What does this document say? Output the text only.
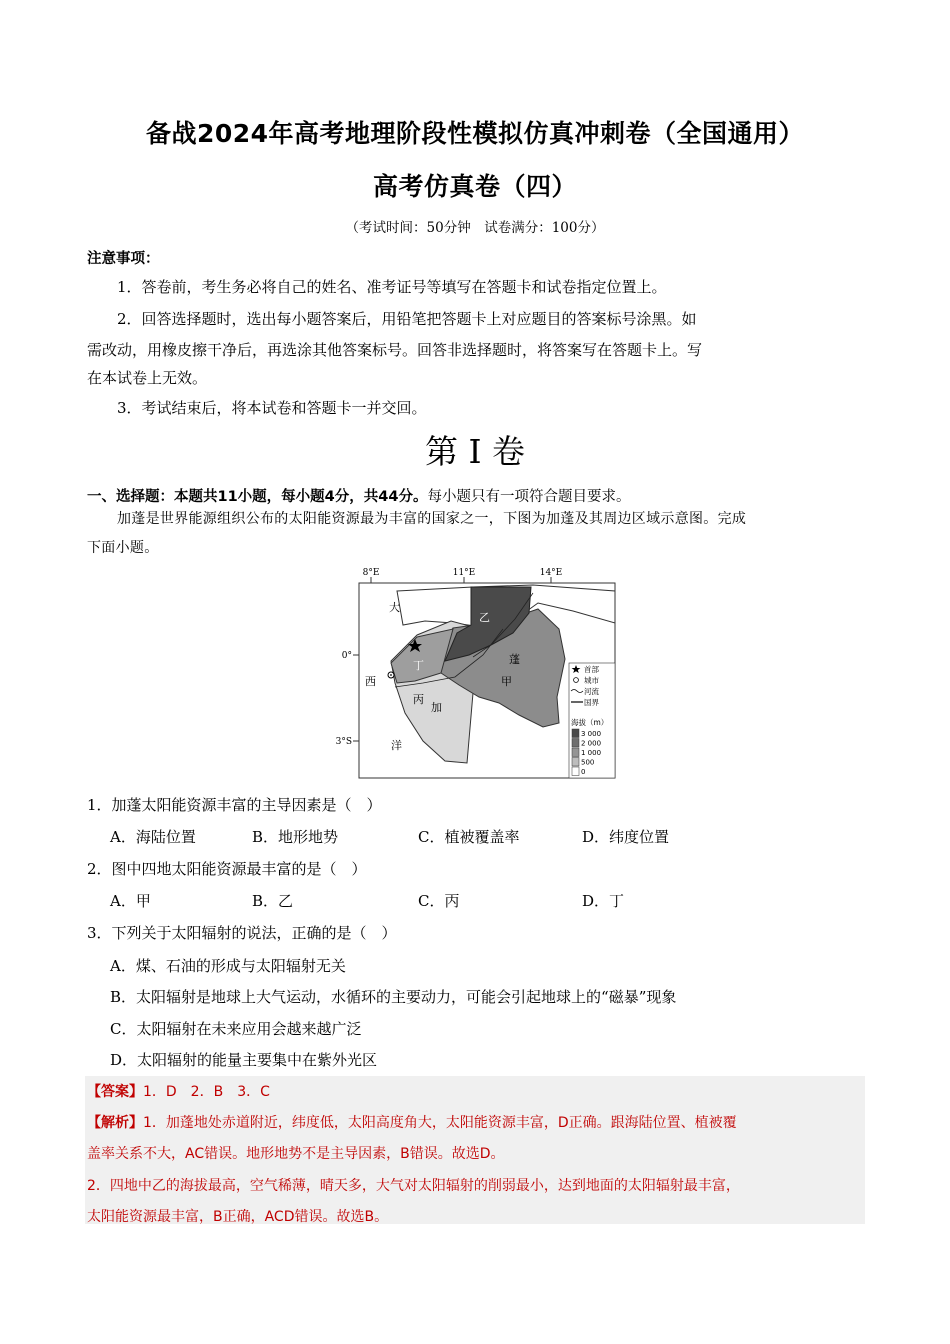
备战2024年高考地理阶段性模拟仿真冲刺卷（全国通用）
高考仿真卷（四）
（考试时间：50分钟　试卷满分：100分）
注意事项：
1．答卷前，考生务必将自己的姓名、准考证号等填写在答题卡和试卷指定位置上。
2．回答选择题时，选出每小题答案后，用铅笔把答题卡上对应题目的答案标号涂黑。如
需改动，用橡皮擦干净后，再选涂其他答案标号。回答非选择题时，将答案写在答题卡上。写
在本试卷上无效。
3．考试结束后，将本试卷和答题卡一并交回。
第 I 卷
一、选择题：本题共11小题，每小题4分，共44分。每小题只有一项符合题目要求。
加蓬是世界能源组织公布的太阳能资源最为丰富的国家之一，下图为加蓬及其周边区域示意图。完成
下面小题。
8°E	11°E	14°E
0°
3°S
大
西
洋
乙
丁	蓬
甲
丙
加
首部
城市
河流
国界
海拔（m）
3 000
2 000
1 000
500
0
1．加蓬太阳能资源丰富的主导因素是（　）
A．海陆位置	B．地形地势	C．植被覆盖率	D．纬度位置
2．图中四地太阳能资源最丰富的是（　）
A．甲	B．乙	C．丙	D．丁
3．下列关于太阳辐射的说法，正确的是（　）
A．煤、石油的形成与太阳辐射无关
B．太阳辐射是地球上大气运动，水循环的主要动力，可能会引起地球上的“磁暴”现象
C．太阳辐射在未来应用会越来越广泛
D．太阳辐射的能量主要集中在紫外光区
【答案】1．D　2．B　3．C
【解析】1．加蓬地处赤道附近，纬度低，太阳高度角大，太阳能资源丰富，D正确。跟海陆位置、植被覆
盖率关系不大，AC错误。地形地势不是主导因素，B错误。故选D。
2．四地中乙的海拔最高，空气稀薄，晴天多，大气对太阳辐射的削弱最小，达到地面的太阳辐射最丰富，
太阳能资源最丰富，B正确，ACD错误。故选B。
